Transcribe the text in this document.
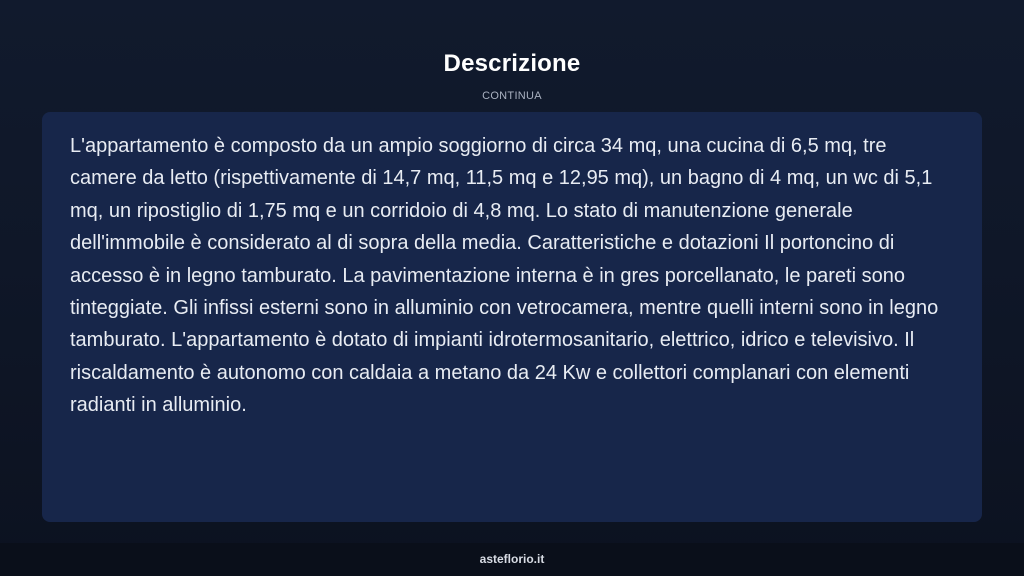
Descrizione
CONTINUA

L'appartamento è composto da un ampio soggiorno di circa 34 mq, una cucina di 6,5 mq, tre camere da letto (rispettivamente di 14,7 mq, 11,5 mq e 12,95 mq), un bagno di 4 mq, un wc di 5,1 mq, un ripostiglio di 1,75 mq e un corridoio di 4,8 mq. Lo stato di manutenzione generale dell'immobile è considerato al di sopra della media. Caratteristiche e dotazioni Il portoncino di accesso è in legno tamburato. La pavimentazione interna è in gres porcellanato, le pareti sono tinteggiate. Gli infissi esterni sono in alluminio con vetrocamera, mentre quelli interni sono in legno tamburato. L'appartamento è dotato di impianti idrotermosanitario, elettrico, idrico e televisivo. Il riscaldamento è autonomo con caldaia a metano da 24 Kw e collettori complanari con elementi radianti in alluminio.

asteflorio.it
